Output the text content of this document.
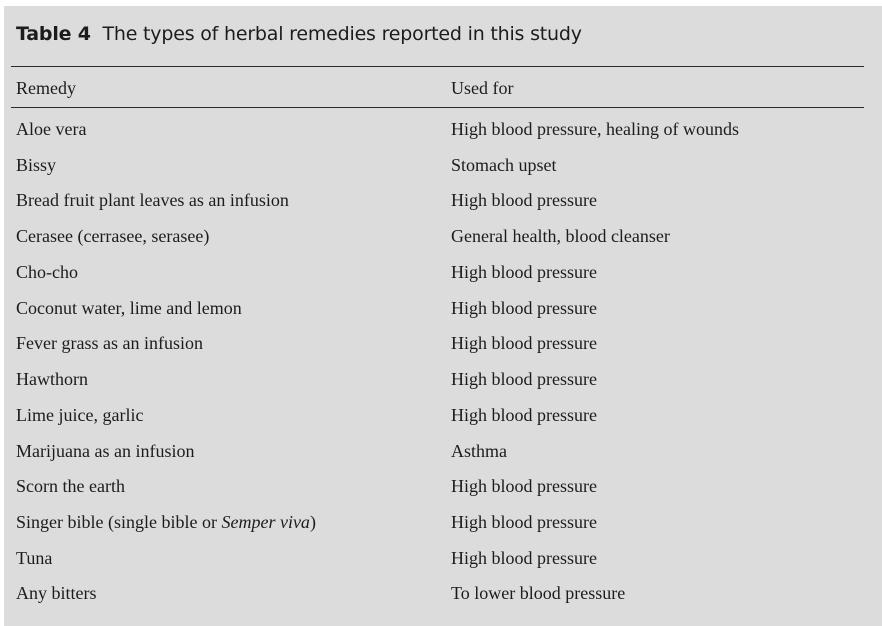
Table 4 The types of herbal remedies reported in this study
Remedy	Used for
Aloe vera	High blood pressure, healing of wounds
Bissy	Stomach upset
Bread fruit plant leaves as an infusion	High blood pressure
Cerasee (cerrasee, serasee)	General health, blood cleanser
Cho-cho	High blood pressure
Coconut water, lime and lemon	High blood pressure
Fever grass as an infusion	High blood pressure
Hawthorn	High blood pressure
Lime juice, garlic	High blood pressure
Marijuana as an infusion	Asthma
Scorn the earth	High blood pressure
Singer bible (single bible or Semper viva)	High blood pressure
Tuna	High blood pressure
Any bitters	To lower blood pressure
